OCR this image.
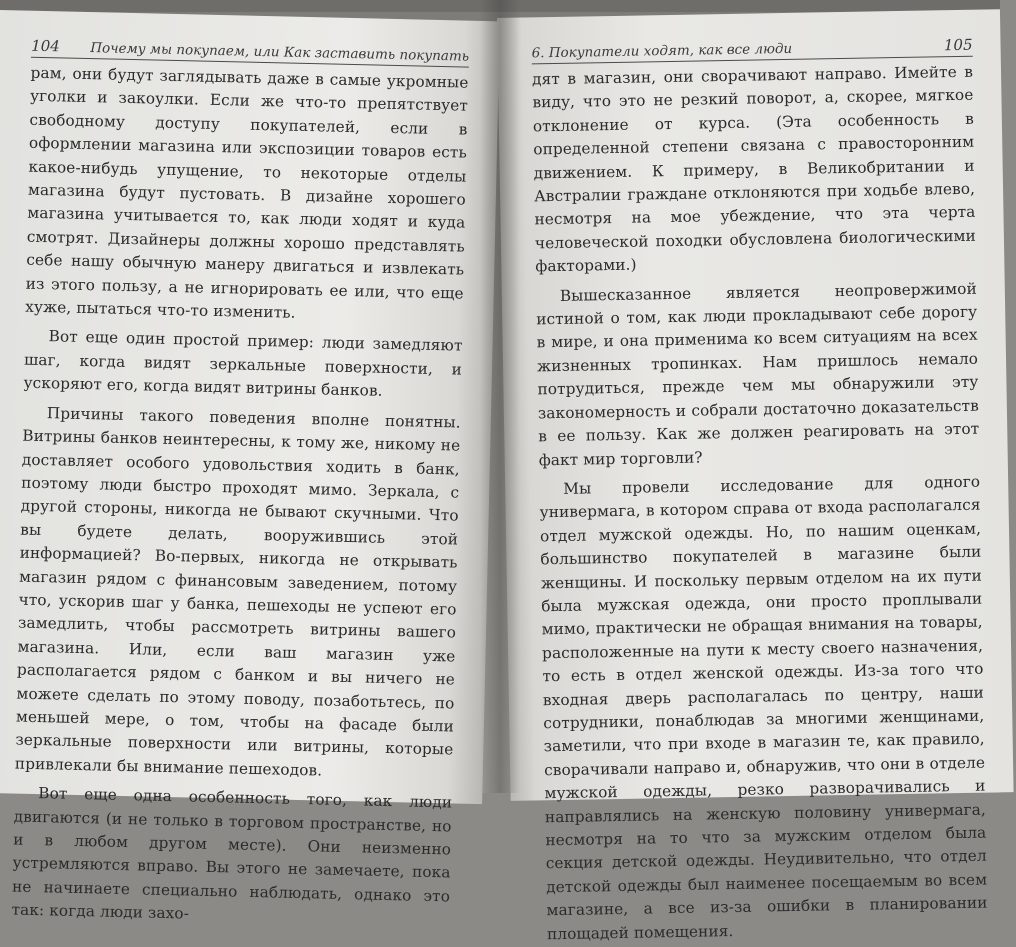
104 Почему мы покупаем, или Как заставить покупать

рам, они будут заглядывать даже в самые укромные уголки и закоулки. Если же что-то препятствует свободному доступу покупателей, если в оформлении магазина или экспозиции товаров есть какое-нибудь упущение, то некоторые отделы магазина будут пустовать. В дизайне хорошего магазина учитывается то, как люди ходят и куда смотрят. Дизайнеры должны хорошо представлять себе нашу обычную манеру двигаться и извлекать из этого пользу, а не игнорировать ее или, что еще хуже, пытаться что-то изменить.

Вот еще один простой пример: люди замедляют шаг, когда видят зеркальные поверхности, и ускоряют его, когда видят витрины банков.

Причины такого поведения вполне понятны. Витрины банков неинтересны, к тому же, никому не доставляет особого удовольствия ходить в банк, поэтому люди быстро проходят мимо. Зеркала, с другой стороны, никогда не бывают скучными. Что вы будете делать, вооружившись этой информацией? Во-первых, никогда не открывать магазин рядом с финансовым заведением, потому что, ускорив шаг у банка, пешеходы не успеют его замедлить, чтобы рассмотреть витрины вашего магазина. Или, если ваш магазин уже располагается рядом с банком и вы ничего не можете сделать по этому поводу, позаботьтесь, по меньшей мере, о том, чтобы на фасаде были зеркальные поверхности или витрины, которые привлекали бы внимание пешеходов.

Вот еще одна особенность того, как люди двигаются (и не только в торговом пространстве, но и в любом другом месте). Они неизменно устремляются вправо. Вы этого не замечаете, пока не начинаете специально наблюдать, однако это так: когда люди захо-

6. Покупатели ходят, как все люди	105

дят в магазин, они сворачивают направо. Имейте в виду, что это не резкий поворот, а, скорее, мягкое отклонение от курса. (Эта особенность в определенной степени связана с правосторонним движением. К примеру, в Великобритании и Австралии граждане отклоняются при ходьбе влево, несмотря на мое убеждение, что эта черта человеческой походки обусловлена биологическими факторами.)

Вышесказанное является неопровержимой истиной о том, как люди прокладывают себе дорогу в мире, и она применима ко всем ситуациям на всех жизненных тропинках. Нам пришлось немало потрудиться, прежде чем мы обнаружили эту закономерность и собрали достаточно доказательств в ее пользу. Как же должен реагировать на этот факт мир торговли?

Мы провели исследование для одного универмага, в котором справа от входа располагался отдел мужской одежды. Но, по нашим оценкам, большинство покупателей в магазине были женщины. И поскольку первым отделом на их пути была мужская одежда, они просто проплывали мимо, практически не обращая внимания на товары, расположенные на пути к месту своего назначения, то есть в отдел женской одежды. Из-за того что входная дверь располагалась по центру, наши сотрудники, понаблюдав за многими женщинами, заметили, что при входе в магазин те, как правило, сворачивали направо и, обнаружив, что они в отделе мужской одежды, резко разворачивались и направлялись на женскую половину универмага, несмотря на то что за мужским отделом была секция детской одежды. Неудивительно, что отдел детской одежды был наименее посещаемым во всем магазине, а все из-за ошибки в планировании площадей помещения.
